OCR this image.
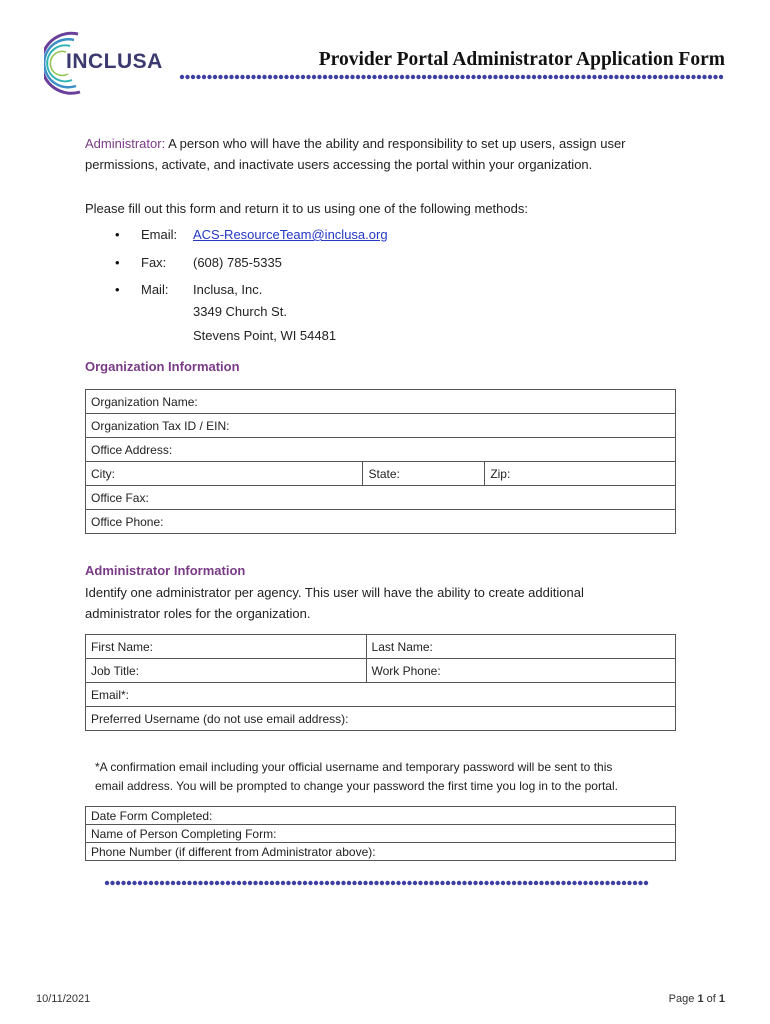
INCLUSA	Provider Portal Administrator Application Form
Administrator: A person who will have the ability and responsibility to set up users, assign user
permissions, activate, and inactivate users accessing the portal within your organization.
Please fill out this form and return it to us using one of the following methods:
• Email: ACS-ResourceTeam@inclusa.org
• Fax: (608) 785-5335
• Mail: Inclusa, Inc.
3349 Church St.
Stevens Point, WI 54481
Organization Information
Organization Name:
Organization Tax ID / EIN:
Office Address:
City:	State:	Zip:
Office Fax:
Office Phone:
Administrator Information
Identify one administrator per agency. This user will have the ability to create additional
administrator roles for the organization.
First Name:	Last Name:
Job Title:	Work Phone:
Email*:	
Preferred Username (do not use email address):	
*A confirmation email including your official username and temporary password will be sent to this
email address. You will be prompted to change your password the first time you log in to the portal.
Date Form Completed:
Name of Person Completing Form:
Phone Number (if different from Administrator above):
10/11/2021	Page 1 of 1
